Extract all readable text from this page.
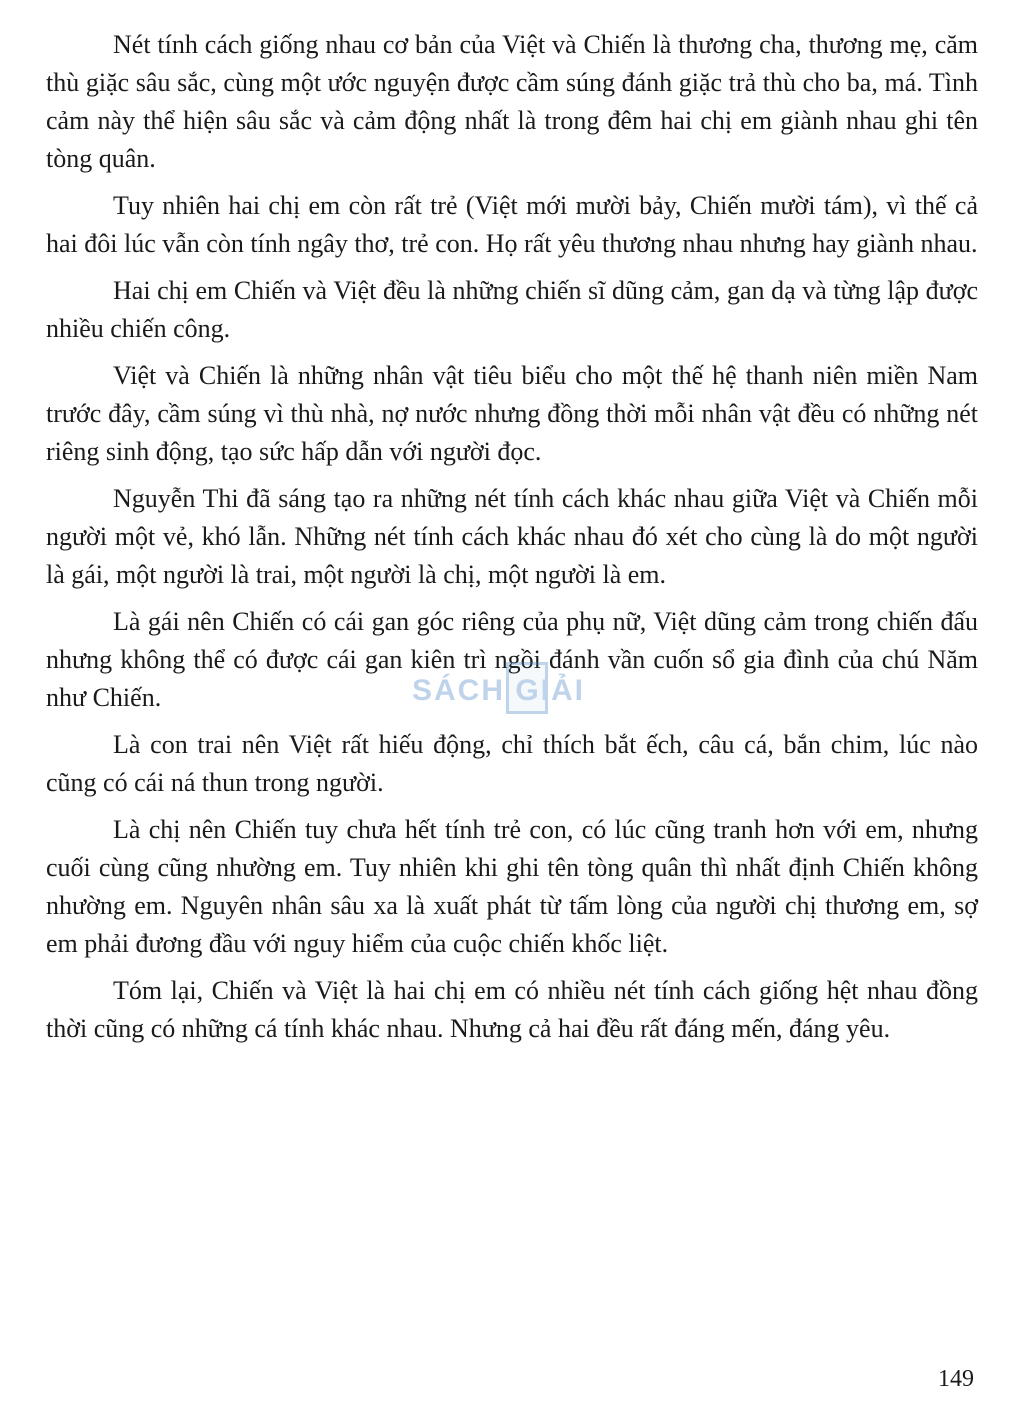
Nét tính cách giống nhau cơ bản của Việt và Chiến là thương cha, thương mẹ, căm thù giặc sâu sắc, cùng một ước nguyện được cầm súng đánh giặc trả thù cho ba, má. Tình cảm này thể hiện sâu sắc và cảm động nhất là trong đêm hai chị em giành nhau ghi tên tòng quân.

Tuy nhiên hai chị em còn rất trẻ (Việt mới mười bảy, Chiến mười tám), vì thế cả hai đôi lúc vẫn còn tính ngây thơ, trẻ con. Họ rất yêu thương nhau nhưng hay giành nhau.

Hai chị em Chiến và Việt đều là những chiến sĩ dũng cảm, gan dạ và từng lập được nhiều chiến công.

Việt và Chiến là những nhân vật tiêu biểu cho một thế hệ thanh niên miền Nam trước đây, cầm súng vì thù nhà, nợ nước nhưng đồng thời mỗi nhân vật đều có những nét riêng sinh động, tạo sức hấp dẫn với người đọc.

Nguyễn Thi đã sáng tạo ra những nét tính cách khác nhau giữa Việt và Chiến mỗi người một vẻ, khó lẫn. Những nét tính cách khác nhau đó xét cho cùng là do một người là gái, một người là trai, một người là chị, một người là em.

Là gái nên Chiến có cái gan góc riêng của phụ nữ, Việt dũng cảm trong chiến đấu nhưng không thể có được cái gan kiên trì ngồi đánh vần cuốn sổ gia đình của chú Năm như Chiến.

Là con trai nên Việt rất hiếu động, chỉ thích bắt ếch, câu cá, bắn chim, lúc nào cũng có cái ná thun trong người.

Là chị nên Chiến tuy chưa hết tính trẻ con, có lúc cũng tranh hơn với em, nhưng cuối cùng cũng nhường em. Tuy nhiên khi ghi tên tòng quân thì nhất định Chiến không nhường em. Nguyên nhân sâu xa là xuất phát từ tấm lòng của người chị thương em, sợ em phải đương đầu với nguy hiểm của cuộc chiến khốc liệt.

Tóm lại, Chiến và Việt là hai chị em có nhiều nét tính cách giống hệt nhau đồng thời cũng có những cá tính khác nhau. Nhưng cả hai đều rất đáng mến, đáng yêu.

SÁCH GIẢI
149
